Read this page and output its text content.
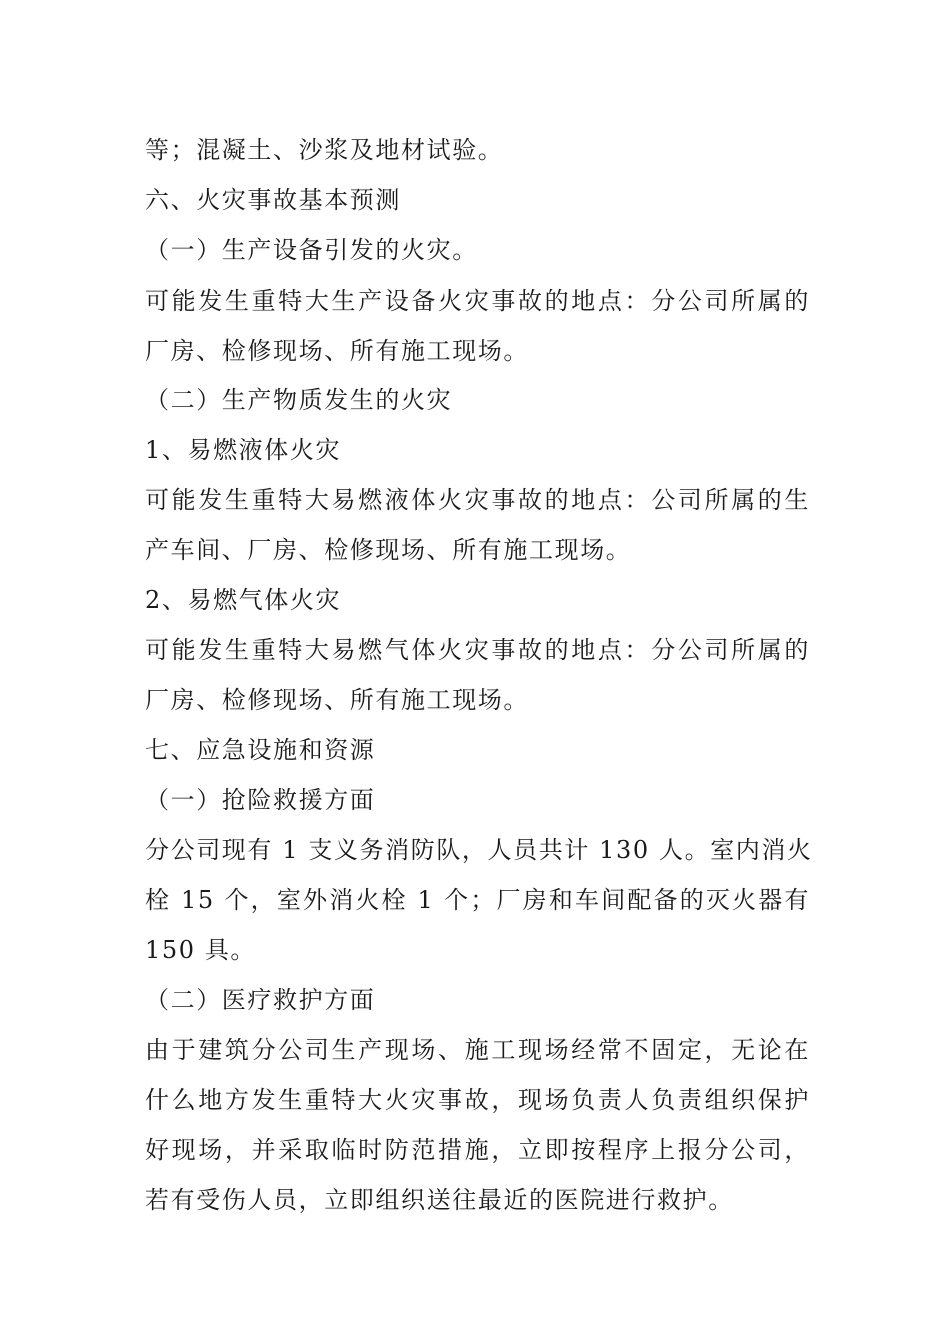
等；混凝土、沙浆及地材试验。
六、火灾事故基本预测
（一）生产设备引发的火灾。
可能发生重特大生产设备火灾事故的地点：分公司所属的
厂房、检修现场、所有施工现场。
（二）生产物质发生的火灾
1、易燃液体火灾
可能发生重特大易燃液体火灾事故的地点：公司所属的生
产车间、厂房、检修现场、所有施工现场。
2、易燃气体火灾
可能发生重特大易燃气体火灾事故的地点：分公司所属的
厂房、检修现场、所有施工现场。
七、应急设施和资源
（一）抢险救援方面
分公司现有 1 支义务消防队，人员共计 130 人。室内消火
栓 15 个，室外消火栓 1 个；厂房和车间配备的灭火器有
150 具。
（二）医疗救护方面
由于建筑分公司生产现场、施工现场经常不固定，无论在
什么地方发生重特大火灾事故，现场负责人负责组织保护
好现场，并采取临时防范措施，立即按程序上报分公司，
若有受伤人员，立即组织送往最近的医院进行救护。
